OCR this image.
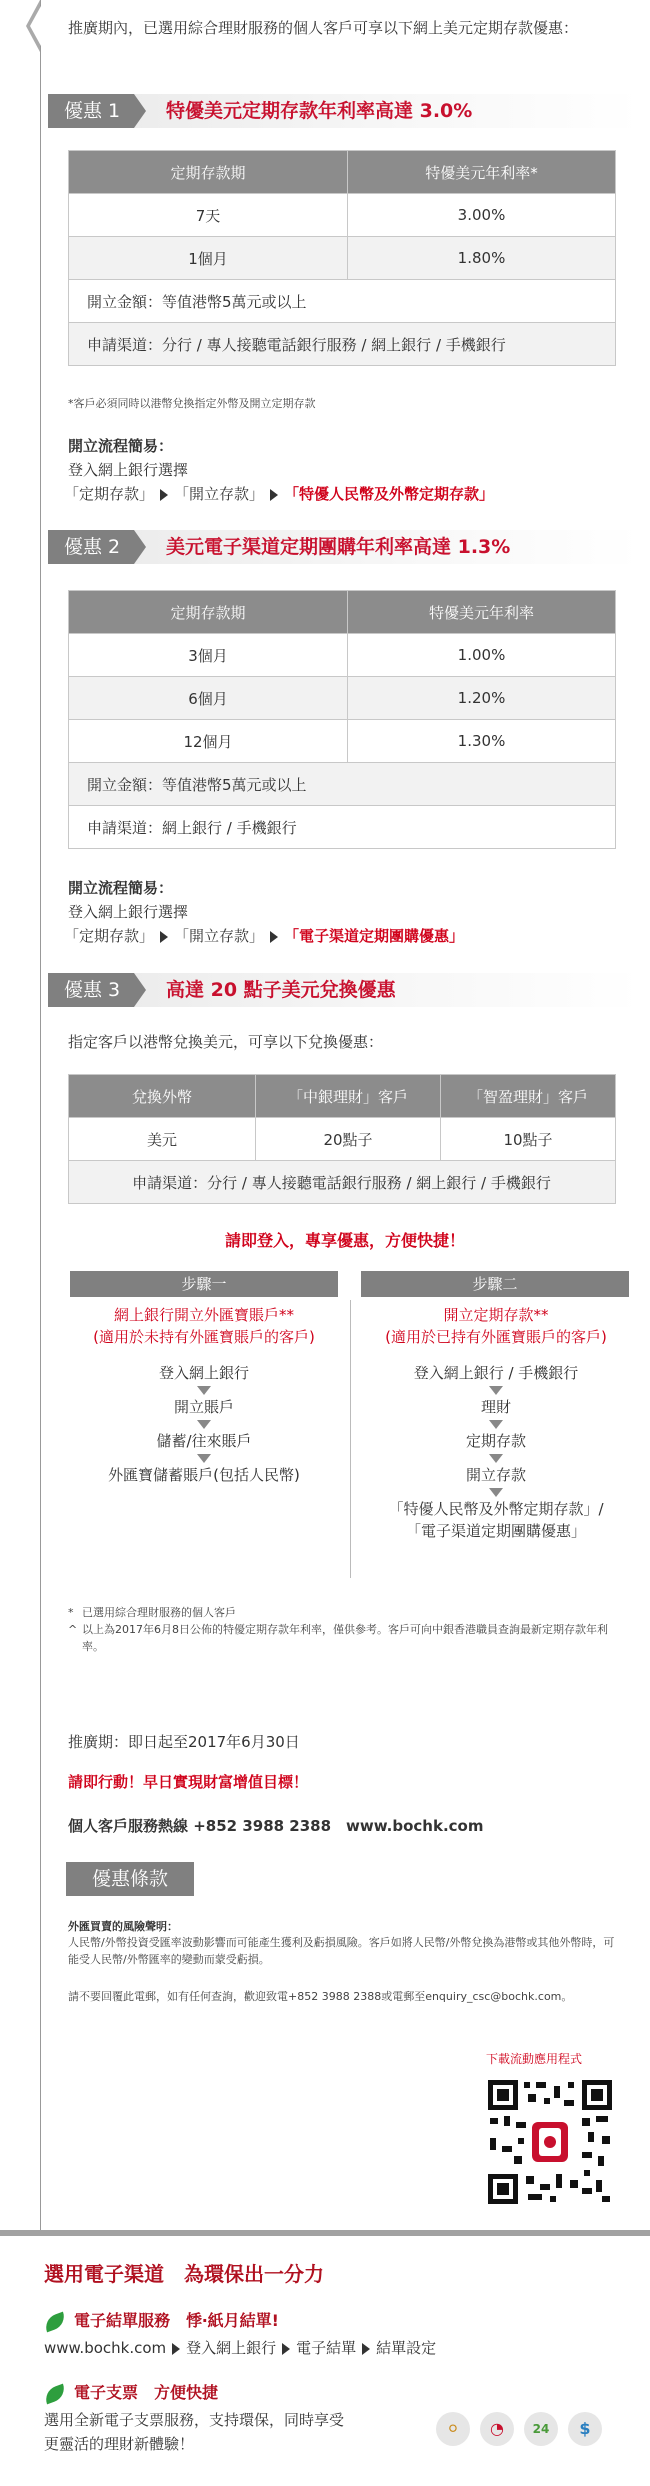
推廣期內，已選用綜合理財服務的個人客戶可享以下網上美元定期存款優惠：
優惠 1	特優美元定期存款年利率高達 3.0%
定期存款期	特優美元年利率*
7天	3.00%
1個月	1.80%
開立金額：等值港幣5萬元或以上	
申請渠道：分行 / 專人接聽電話銀行服務 / 網上銀行 / 手機銀行	
*客戶必須同時以港幣兌換指定外幣及開立定期存款
開立流程簡易：
登入網上銀行選擇
「定期存款」 「開立存款」 「特優人民幣及外幣定期存款」
優惠 2	美元電子渠道定期團購年利率高達 1.3%
定期存款期	特優美元年利率
3個月	1.00%
6個月	1.20%
12個月	1.30%
開立金額：等值港幣5萬元或以上	
申請渠道：網上銀行 / 手機銀行	
開立流程簡易：
登入網上銀行選擇
「定期存款」 「開立存款」 「電子渠道定期團購優惠」
優惠 3	高達 20 點子美元兌換優惠
指定客戶以港幣兌換美元，可享以下兌換優惠：
兌換外幣	「中銀理財」客戶	「智盈理財」客戶
美元	20點子	10點子
申請渠道：分行 / 專人接聽電話銀行服務 / 網上銀行 / 手機銀行		
請即登入，專享優惠，方便快捷！
步驟一	步驟二
網上銀行開立外匯寶賬戶**
(適用於未持有外匯寶賬戶的客戶)
登入網上銀行
開立賬戶
儲蓄/往來賬戶
外匯寶儲蓄賬戶(包括人民幣)
開立定期存款**
(適用於已持有外匯寶賬戶的客戶)
登入網上銀行 / 手機銀行
理財
定期存款
開立存款
「特優人民幣及外幣定期存款」/
「電子渠道定期團購優惠」
* 已選用綜合理財服務的個人客戶
^ 以上為2017年6月8日公佈的特優定期存款年利率，僅供參考。客戶可向中銀香港職員查詢最新定期存款年利率。
推廣期：即日起至2017年6月30日
請即行動！早日實現財富增值目標！
個人客戶服務熱線 +852 3988 2388　www.bochk.com
優惠條款
外匯買賣的風險聲明：
人民幣/外幣投資受匯率波動影響而可能產生獲利及虧損風險。客戶如將人民幣/外幣兌換為港幣或其他外幣時，可能受人民幣/外幣匯率的變動而蒙受虧損。
請不要回覆此電郵，如有任何查詢，歡迎致電+852 3988 2388或電郵至enquiry_csc@bochk.com。
下載流動應用程式
選用電子渠道　為環保出一分力
電子結單服務　悸‧紙月結單!
www.bochk.com 登入網上銀行 電子結單 結單設定
電子支票　方便快捷
選用全新電子支票服務，支持環保，同時享受
更靈活的理財新體驗！
⚪	◔	24	$
